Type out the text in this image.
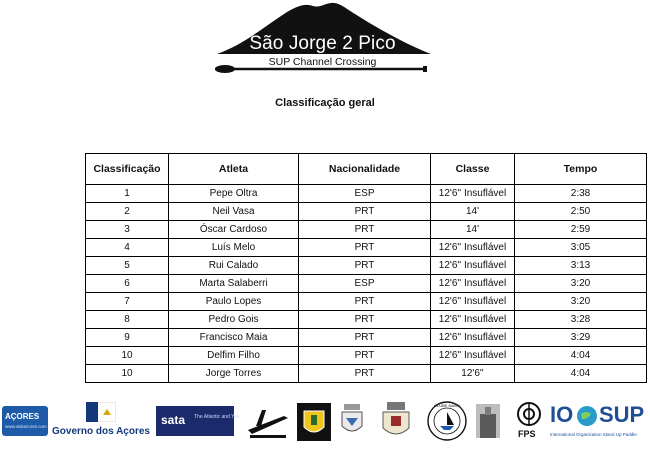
São Jorge 2 Pico
SUP Channel Crossing
Classificação geral
Classificação	Atleta	Nacionalidade	Classe	Tempo
1	Pepe Oltra	ESP	12'6'' Insuflável	2:38
2	Neil Vasa	PRT	14'	2:50
3	Óscar Cardoso	PRT	14'	2:59
4	Luís Melo	PRT	12'6'' Insuflável	3:05
5	Rui Calado	PRT	12'6'' Insuflável	3:13
6	Marta Salaberri	ESP	12'6'' Insuflável	3:20
7	Paulo Lopes	PRT	12'6'' Insuflável	3:20
8	Pedro Gois	PRT	12'6'' Insuflável	3:28
9	Francisco Maia	PRT	12'6'' Insuflável	3:29
10	Delfim Filho	PRT	12'6'' Insuflável	4:04
10	Jorge Torres	PRT	12'6''	4:04
AÇORES
www.visitazores.com Governo dos Açores
sata The Atlantic and You
CLUBE NAVAL
FPS
IO SUP
International Organization Stand Up Paddle
